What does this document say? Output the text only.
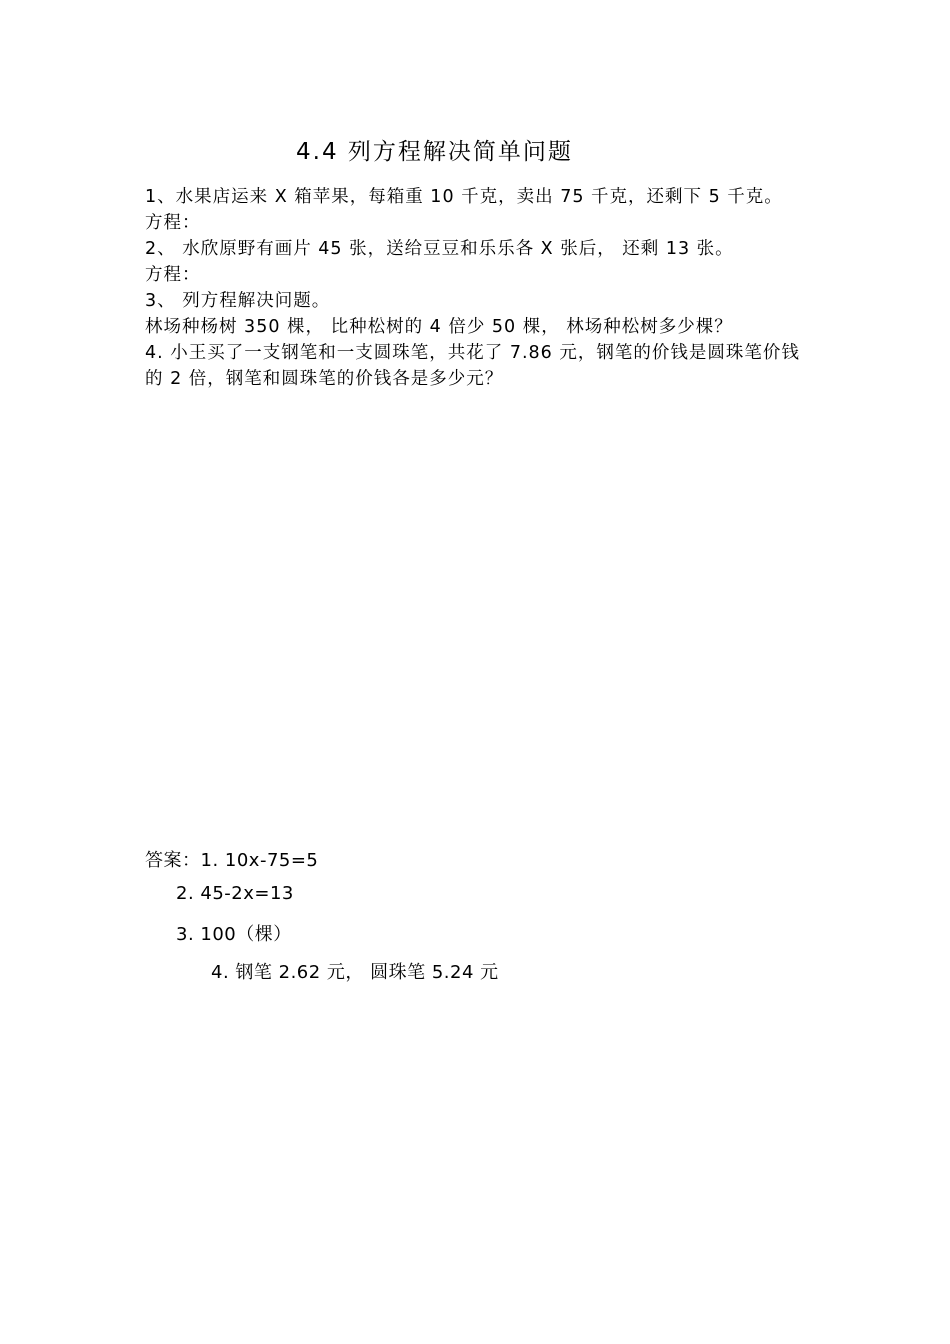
4.4 列方程解决简单问题
1、水果店运来 X 箱苹果，每箱重 10 千克，卖出 75 千克，还剩下 5 千克。
方程：
2、 水欣原野有画片 45 张，送给豆豆和乐乐各 X 张后， 还剩 13 张。
方程：
3、 列方程解决问题。
林场种杨树 350 棵， 比种松树的 4 倍少 50 棵， 林场种松树多少棵？
4. 小王买了一支钢笔和一支圆珠笔，共花了 7.86 元，钢笔的价钱是圆珠笔价钱的 2 倍，钢笔和圆珠笔的价钱各是多少元？
答案：1. 10x-75=5
2. 45-2x=13
3. 100（棵）
4. 钢笔 2.62 元， 圆珠笔 5.24 元
